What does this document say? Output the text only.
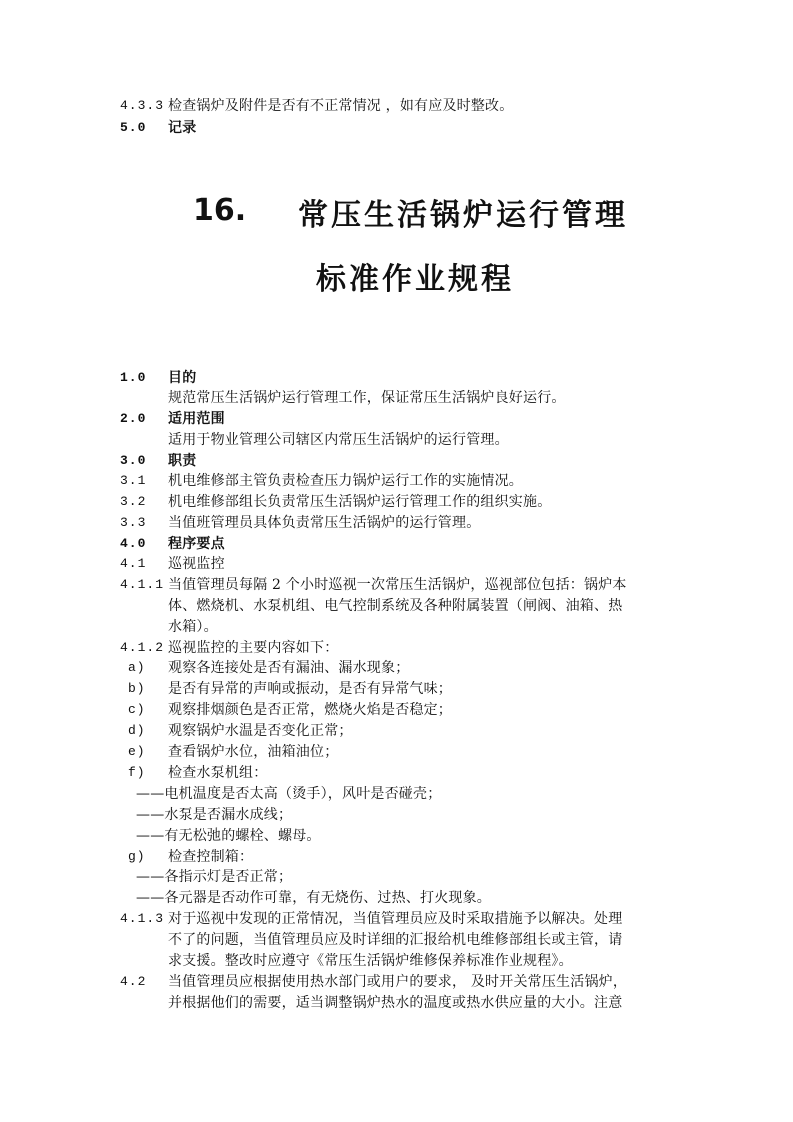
4.3.3 检查锅炉及附件是否有不正常情况 ，如有应及时整改。
5.0 记录
16. 常压生活锅炉运行管理
标准作业规程
1.0 目的
规范常压生活锅炉运行管理工作，保证常压生活锅炉良好运行。
2.0 适用范围
适用于物业管理公司辖区内常压生活锅炉的运行管理。
3.0 职责
3.1 机电维修部主管负责检查压力锅炉运行工作的实施情况。
3.2 机电维修部组长负责常压生活锅炉运行管理工作的组织实施。
3.3 当值班管理员具体负责常压生活锅炉的运行管理。
4.0 程序要点
4.1 巡视监控
4.1.1 当值管理员每隔 2 个小时巡视一次常压生活锅炉，巡视部位包括：锅炉本
体、燃烧机、水泵机组、电气控制系统及各种附属装置（闸阀、油箱、热
水箱）。
4.1.2 巡视监控的主要内容如下：
a) 观察各连接处是否有漏油、漏水现象；
b) 是否有异常的声响或振动，是否有异常气味；
c) 观察排烟颜色是否正常，燃烧火焰是否稳定；
d) 观察锅炉水温是否变化正常；
e) 查看锅炉水位，油箱油位；
f) 检查水泵机组：
——电机温度是否太高（烫手），风叶是否碰壳；
——水泵是否漏水成线；
——有无松弛的螺栓、螺母。
g) 检查控制箱：
——各指示灯是否正常；
——各元器是否动作可靠，有无烧伤、过热、打火现象。
4.1.3 对于巡视中发现的正常情况，当值管理员应及时采取措施予以解决。处理
不了的问题，当值管理员应及时详细的汇报给机电维修部组长或主管，请
求支援。整改时应遵守《常压生活锅炉维修保养标准作业规程》。
4.2 当值管理员应根据使用热水部门或用户的要求， 及时开关常压生活锅炉，
并根据他们的需要，适当调整锅炉热水的温度或热水供应量的大小。注意
